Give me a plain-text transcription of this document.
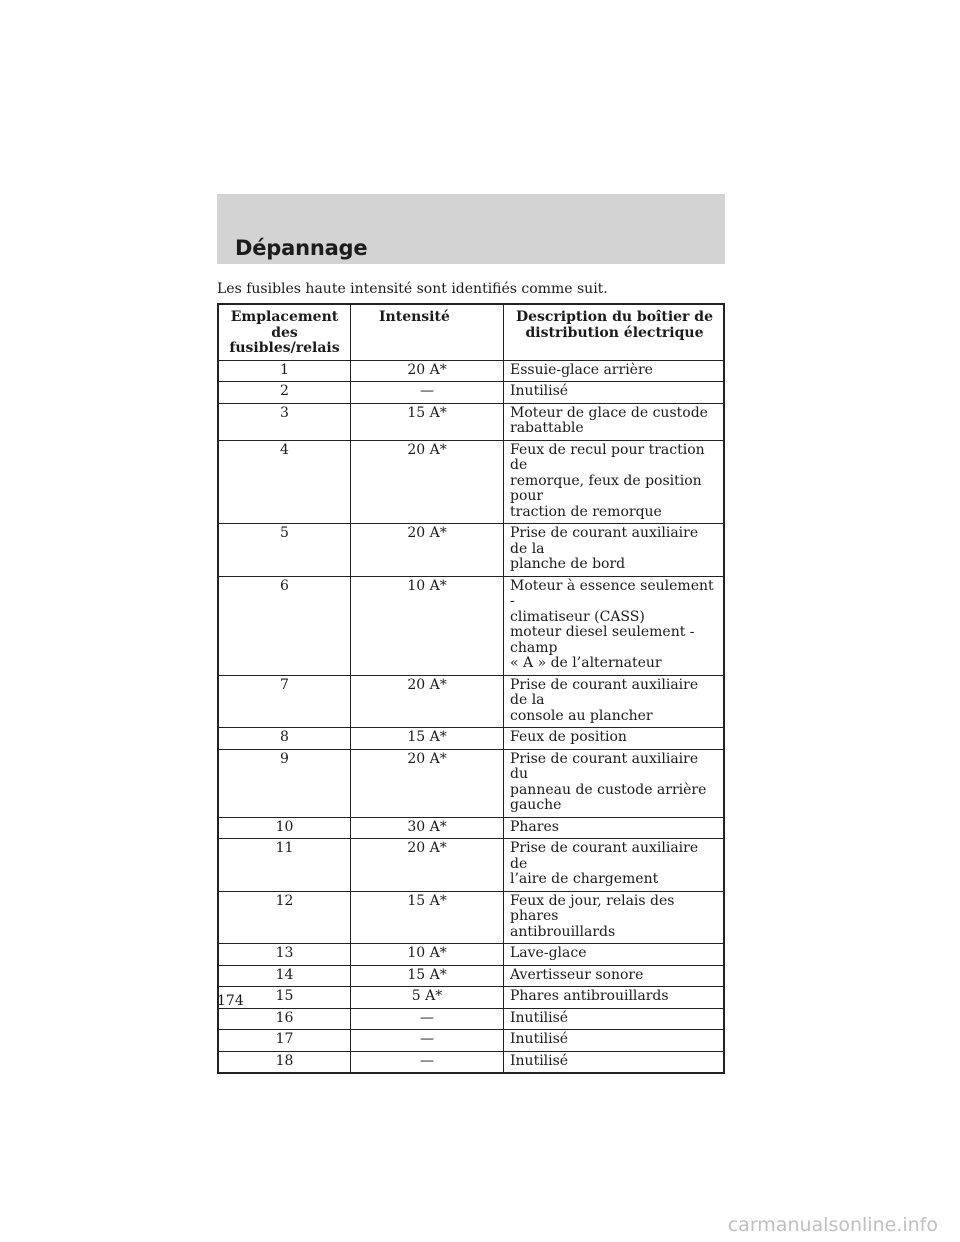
Dépannage
Les fusibles haute intensité sont identifiés comme suit.
Emplacement
des
fusibles/relais	Intensité	Description du boîtier de
distribution électrique
1	20 A*	Essuie-glace arrière
2	—	Inutilisé
3	15 A*	Moteur de glace de custode
rabattable
4	20 A*	Feux de recul pour traction de
remorque, feux de position pour
traction de remorque
5	20 A*	Prise de courant auxiliaire de la
planche de bord
6	10 A*	Moteur à essence seulement -
climatiseur (CASS)
moteur diesel seulement - champ
« A » de l’alternateur
7	20 A*	Prise de courant auxiliaire de la
console au plancher
8	15 A*	Feux de position
9	20 A*	Prise de courant auxiliaire du
panneau de custode arrière
gauche
10	30 A*	Phares
11	20 A*	Prise de courant auxiliaire de
l’aire de chargement
12	15 A*	Feux de jour, relais des phares
antibrouillards
13	10 A*	Lave-glace
14	15 A*	Avertisseur sonore
15	5 A*	Phares antibrouillards
16	—	Inutilisé
17	—	Inutilisé
18	—	Inutilisé
174
carmanualsonline.info
